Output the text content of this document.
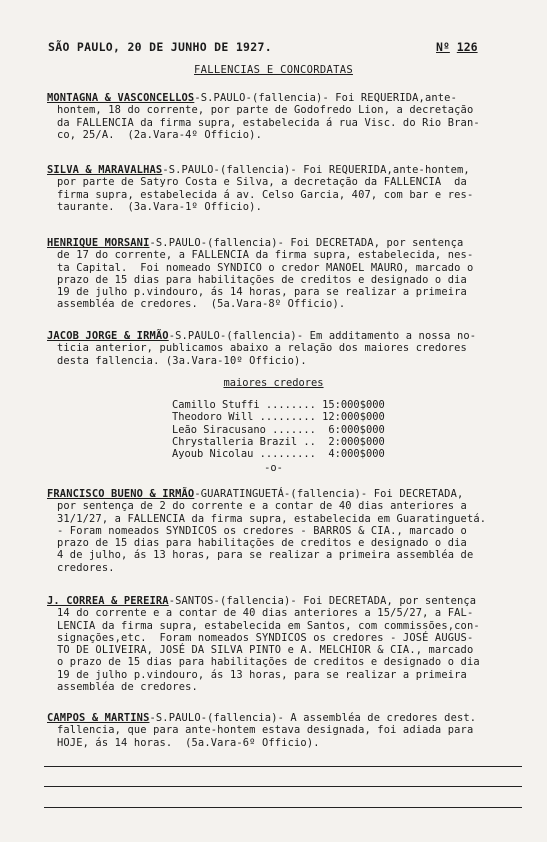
SÃO PAULO, 20 DE JUNHO DE 1927.	Nº 126
FALLENCIAS E CONCORDATAS
MONTAGNA & VASCONCELLOS-S.PAULO-(fallencia)- Foi REQUERIDA,ante-
hontem, 18 do corrente, por parte de Godofredo Lion, a decretação
da FALLENCIA da firma supra, estabelecida á rua Visc. do Rio Bran-
co, 25/A.  (2a.Vara-4º Officio).
SILVA & MARAVALHAS-S.PAULO-(fallencia)- Foi REQUERIDA,ante-hontem,
por parte de Satyro Costa e Silva, a decretação da FALLENCIA  da
firma supra, estabelecida á av. Celso Garcia, 407, com bar e res-
taurante.  (3a.Vara-1º Officio).
HENRIQUE MORSANI-S.PAULO-(fallencia)- Foi DECRETADA, por sentença
de 17 do corrente, a FALLENCIA da firma supra, estabelecida, nes-
ta Capital.  Foi nomeado SYNDICO o credor MANOEL MAURO, marcado o
prazo de 15 dias para habilitações de creditos e designado o dia
19 de julho p.vindouro, ás 14 horas, para se realizar a primeira
assembléa de credores.  (5a.Vara-8º Officio).
JACOB JORGE & IRMÃO-S.PAULO-(fallencia)- Em additamento a nossa no-
ticia anterior, publicamos abaixo a relação dos maiores credores
desta fallencia. (3a.Vara-10º Officio).
maiores credores
Camillo Stuffi ........ 15:000$000
Theodoro Will ......... 12:000$000
Leão Siracusano ....... 6:000$000
Chrystalleria Brazil .. 2:000$000
Ayoub Nicolau ......... 4:000$000
-o-
FRANCISCO BUENO & IRMÃO-GUARATINGUETÁ-(fallencia)- Foi DECRETADA,
por sentença de 2 do corrente e a contar de 40 dias anteriores a
31/1/27, a FALLENCIA da firma supra, estabelecida em Guaratinguetá.
- Foram nomeados SYNDICOS os credores - BARROS & CIA., marcado o
prazo de 15 dias para habilitações de creditos e designado o dia
4 de julho, ás 13 horas, para se realizar a primeira assembléa de
credores.
J. CORREA & PEREIRA-SANTOS-(fallencia)- Foi DECRETADA, por sentença
14 do corrente e a contar de 40 dias anteriores a 15/5/27, a FAL-
LENCIA da firma supra, estabelecida em Santos, com commissões,con-
signações,etc.  Foram nomeados SYNDICOS os credores - JOSÉ AUGUS-
TO DE OLIVEIRA, JOSÉ DA SILVA PINTO e A. MELCHIOR & CIA., marcado
o prazo de 15 dias para habilitações de creditos e designado o dia
19 de julho p.vindouro, ás 13 horas, para se realizar a primeira
assembléa de credores.
CAMPOS & MARTINS-S.PAULO-(fallencia)- A assembléa de credores dest.
fallencia, que para ante-hontem estava designada, foi adiada para
HOJE, ás 14 horas.  (5a.Vara-6º Officio).
